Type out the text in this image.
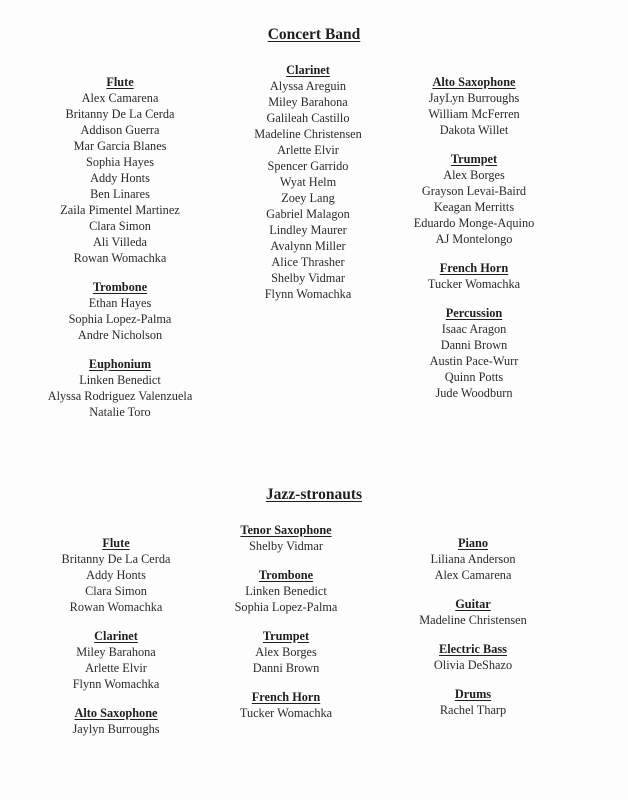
Concert Band
Flute
Alex Camarena
Britanny De La Cerda
Addison Guerra
Mar Garcia Blanes
Sophia Hayes
Addy Honts
Ben Linares
Zaila Pimentel Martinez
Clara Simon
Ali Villeda
Rowan Womachka
Trombone
Ethan Hayes
Sophia Lopez-Palma
Andre Nicholson
Euphonium
Linken Benedict
Alyssa Rodriguez Valenzuela
Natalie Toro
Clarinet
Alyssa Areguin
Miley Barahona
Galileah Castillo
Madeline Christensen
Arlette Elvir
Spencer Garrido
Wyat Helm
Zoey Lang
Gabriel Malagon
Lindley Maurer
Avalynn Miller
Alice Thrasher
Shelby Vidmar
Flynn Womachka
Alto Saxophone
JayLyn Burroughs
William McFerren
Dakota Willet
Trumpet
Alex Borges
Grayson Levai-Baird
Keagan Merritts
Eduardo Monge-Aquino
AJ Montelongo
French Horn
Tucker Womachka
Percussion
Isaac Aragon
Danni Brown
Austin Pace-Wurr
Quinn Potts
Jude Woodburn
Jazz-stronauts
Flute
Britanny De La Cerda
Addy Honts
Clara Simon
Rowan Womachka
Clarinet
Miley Barahona
Arlette Elvir
Flynn Womachka
Alto Saxophone
Jaylyn Burroughs
Tenor Saxophone
Shelby Vidmar
Trombone
Linken Benedict
Sophia Lopez-Palma
Trumpet
Alex Borges
Danni Brown
French Horn
Tucker Womachka
Piano
Liliana Anderson
Alex Camarena
Guitar
Madeline Christensen
Electric Bass
Olivia DeShazo
Drums
Rachel Tharp
